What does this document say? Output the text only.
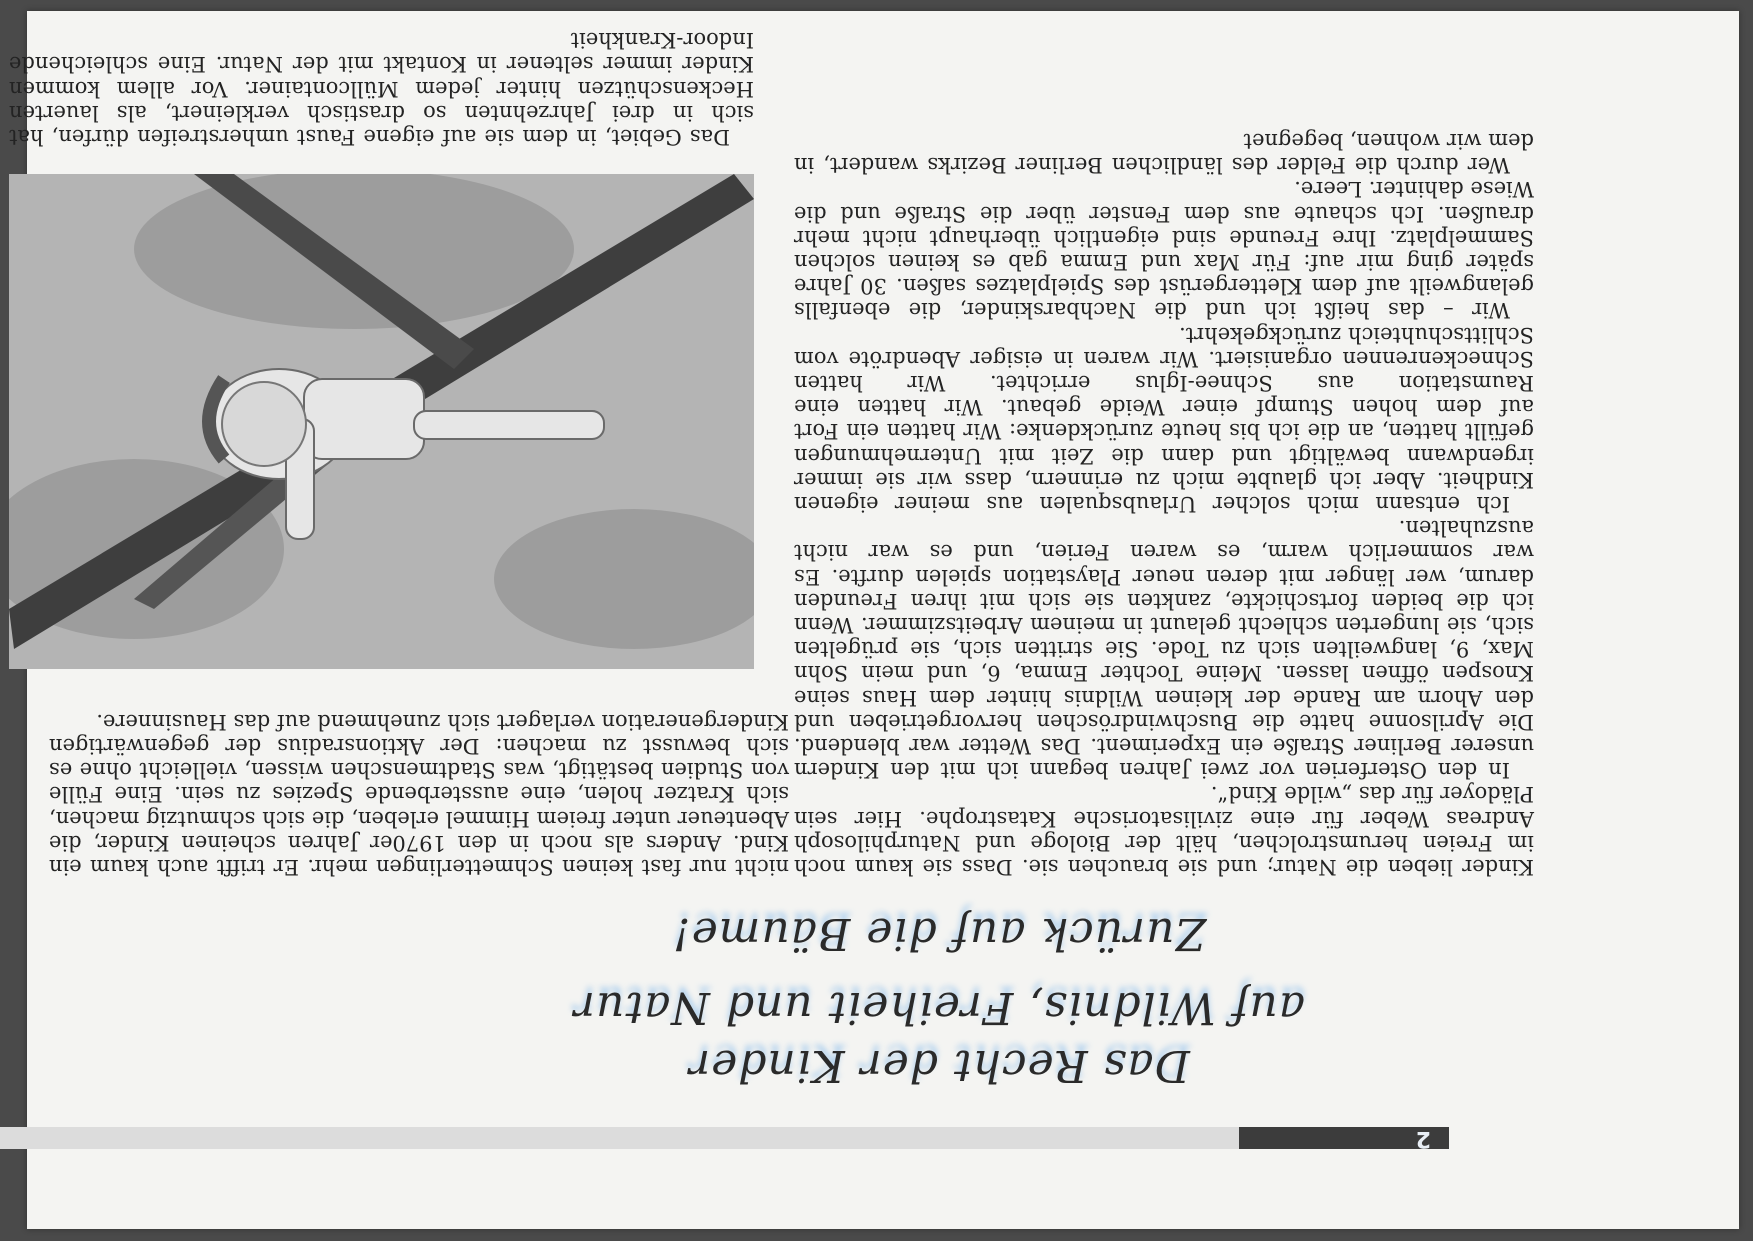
2
Das Recht der Kinder
auf Wildnis, Freiheit und Natur
Zurück auf die Bäume!

Kinder lieben die Natur; und sie brauchen sie. Dass sie kaum noch im Freien herumstrolchen, hält der Biologe und Naturphilosoph Andreas Weber für eine zivilisatorische Katastrophe. Hier sein Plädoyer für das „wilde Kind“.

In den Osterferien vor zwei Jahren begann ich mit den Kindern unserer Berliner Straße ein Experiment. Das Wetter war blendend. Die Aprilsonne hatte die Buschwindröschen hervorgetrieben und den Ahorn am Rande der kleinen Wildnis hinter dem Haus seine Knospen öffnen lassen. Meine Tochter Emma, 6, und mein Sohn Max, 9, langweilten sich zu Tode. Sie stritten sich, sie prügelten sich, sie lungerten schlecht gelaunt in meinem Arbeitszimmer. Wenn ich die beiden fortschickte, zankten sie sich mit ihren Freunden darum, wer länger mit deren neuer Playstation spielen durfte. Es war sommerlich warm, es waren Ferien, und es war nicht auszuhalten.

Ich entsann mich solcher Urlaubsqualen aus meiner eigenen Kindheit. Aber ich glaubte mich zu erinnern, dass wir sie immer irgendwann bewältigt und dann die Zeit mit Unternehmungen gefüllt hatten, an die ich bis heute zurückdenke: Wir hatten ein Fort auf dem hohen Stumpf einer Weide gebaut. Wir hatten eine Raumstation aus Schnee-Iglus errichtet. Wir hatten Schneckenrennen organisiert. Wir waren in eisiger Abendröte vom Schlittschuhteich zurückgekehrt.

Wir – das heißt ich und die Nachbarskinder, die ebenfalls gelangweilt auf dem Klettergerüst des Spielplatzes saßen. 30 Jahre später ging mir auf: Für Max und Emma gab es keinen solchen Sammelplatz. Ihre Freunde sind eigentlich überhaupt nicht mehr draußen. Ich schaute aus dem Fenster über die Straße und die Wiese dahinter. Leere.

Wer durch die Felder des ländlichen Berliner Bezirks wandert, in dem wir wohnen, begegnet

nicht nur fast keinen Schmetterlingen mehr. Er trifft auch kaum ein Kind. Anders als noch in den 1970er Jahren scheinen Kinder, die Abenteuer unter freiem Himmel erleben, die sich schmutzig machen, sich Kratzer holen, eine aussterbende Spezies zu sein. Eine Fülle von Studien bestätigt, was Stadtmenschen wissen, vielleicht ohne es sich bewusst zu machen: Der Aktionsradius der gegenwärtigen Kindergeneration verlagert sich zunehmend auf das Hausinnere.

Das Gebiet, in dem sie auf eigene Faust umherstreifen dürfen, hat sich in drei Jahrzehnten so drastisch verkleinert, als lauerten Heckenschützen hinter jedem Müllcontainer. Vor allem kommen Kinder immer seltener in Kontakt mit der Natur. Eine schleichende Indoor-Krankheit
